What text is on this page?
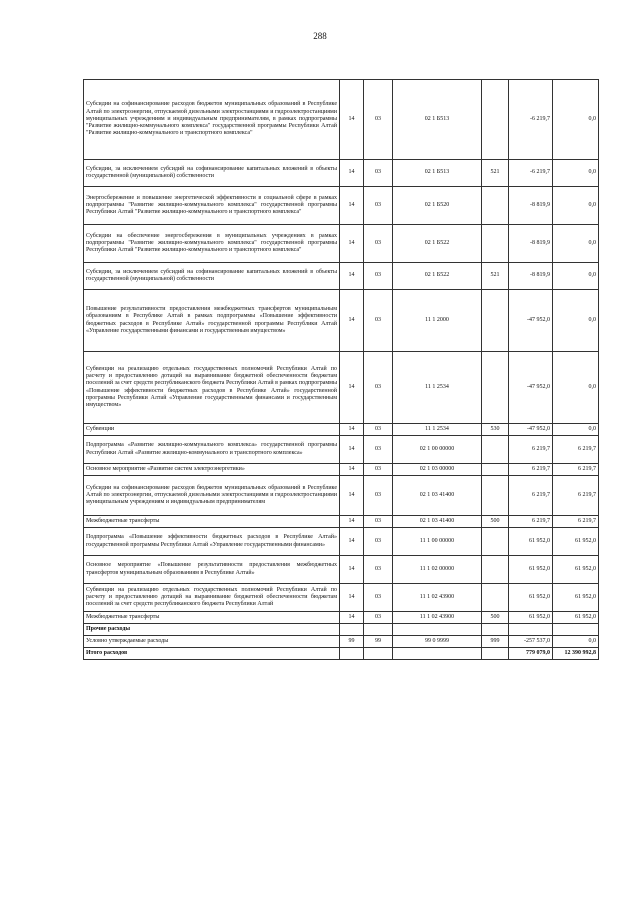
288
Субсидии на софинансирование расходов бюджетов муниципальных образований в Республике Алтай по электроэнергии, отпускаемой дизельными электростанциями и гидроэлектростанциями муниципальных учреждениям и индивидуальным предпринимателям, в рамках подпрограммы "Развитие жилищно-коммунального комплекса" государственной программы Республики Алтай "Развитие жилищно-коммунального и транспортного комплекса"	14	03	02 1 Б513		-6 219,7	0,0
Субсидии, за исключением субсидий на софинансирование капитальных вложений в объекты государственной (муниципальной) собственности	14	03	02 1 Б513	521	-6 219,7	0,0
Энергосбережение и повышение энергетической эффективности в социальной сфере в рамках подпрограммы "Развитие жилищно-коммунального комплекса" государственной программы Республики Алтай "Развитие жилищно-коммунального и транспортного комплекса"	14	03	02 1 Б520		-8 819,9	0,0
Субсидии на обеспечение энергосбережения в муниципальных учреждениях в рамках подпрограммы "Развитие жилищно-коммунального комплекса" государственной программы Республики Алтай "Развитие жилищно-коммунального и транспортного комплекса"	14	03	02 1 Б522		-8 819,9	0,0
Субсидии, за исключением субсидий на софинансирование капитальных вложений в объекты государственной (муниципальной) собственности	14	03	02 1 Б522	521	-8 819,9	0,0
Повышение результативности предоставления межбюджетных трансфертов муниципальным образованиям в Республике Алтай в рамках подпрограммы «Повышение эффективности бюджетных расходов в Республике Алтай» государственной программы Республики Алтай «Управление государственными финансами и государственным имуществом»	14	03	11 1 2000		-47 952,0	0,0
Субвенции на реализацию отдельных государственных полномочий Республики Алтай по расчету и предоставлению дотаций на выравнивание бюджетной обеспеченности бюджетам поселений за счет средств республиканского бюджета Республики Алтай в рамках подпрограммы «Повышение эффективности бюджетных расходов в Республике Алтай» государственной программы Республики Алтай «Управление государственными финансами и государственным имуществом»	14	03	11 1 2534		-47 952,0	0,0
Субвенции	14	03	11 1 2534	530	-47 952,0	0,0
Подпрограмма «Развитие жилищно-коммунального комплекса» государственной программы Республики Алтай «Развитие жилищно-коммунального и транспортного комплекса»	14	03	02 1 00 00000		6 219,7	6 219,7
Основное мероприятие «Развитие систем электроэнергетики»	14	03	02 1 03 00000		6 219,7	6 219,7
Субсидии на софинансирование расходов бюджетов муниципальных образований в Республике Алтай по электроэнергии, отпускаемой дизельными электростанциями и гидроэлектростанциями муниципальным учреждениям и индивидуальным предпринимателям	14	03	02 1 03 41400		6 219,7	6 219,7
Межбюджетные трансферты	14	03	02 1 03 41400	500	6 219,7	6 219,7
Подпрограмма «Повышение эффективности бюджетных расходов в Республике Алтай» государственной программы Республики Алтай «Управление государственными финансами»	14	03	11 1 00 00000		61 952,0	61 952,0
Основное мероприятие «Повышение результативности предоставления межбюджетных трансфертов муниципальным образованиям в Республике Алтай»	14	03	11 1 02 00000		61 952,0	61 952,0
Субвенции на реализацию отдельных государственных полномочий Республики Алтай по расчету и предоставлению дотаций на выравнивание бюджетной обеспеченности бюджетам поселений за счет средств республиканского бюджета Республики Алтай	14	03	11 1 02 43900		61 952,0	61 952,0
Межбюджетные трансферты	14	03	11 1 02 43900	500	61 952,0	61 952,0
Прочие расходы						
Условно утверждаемые расходы	99	99	99 0 9999	999	-257 537,0	0,0
Итого расходов					779 079,0	12 390 992,8
